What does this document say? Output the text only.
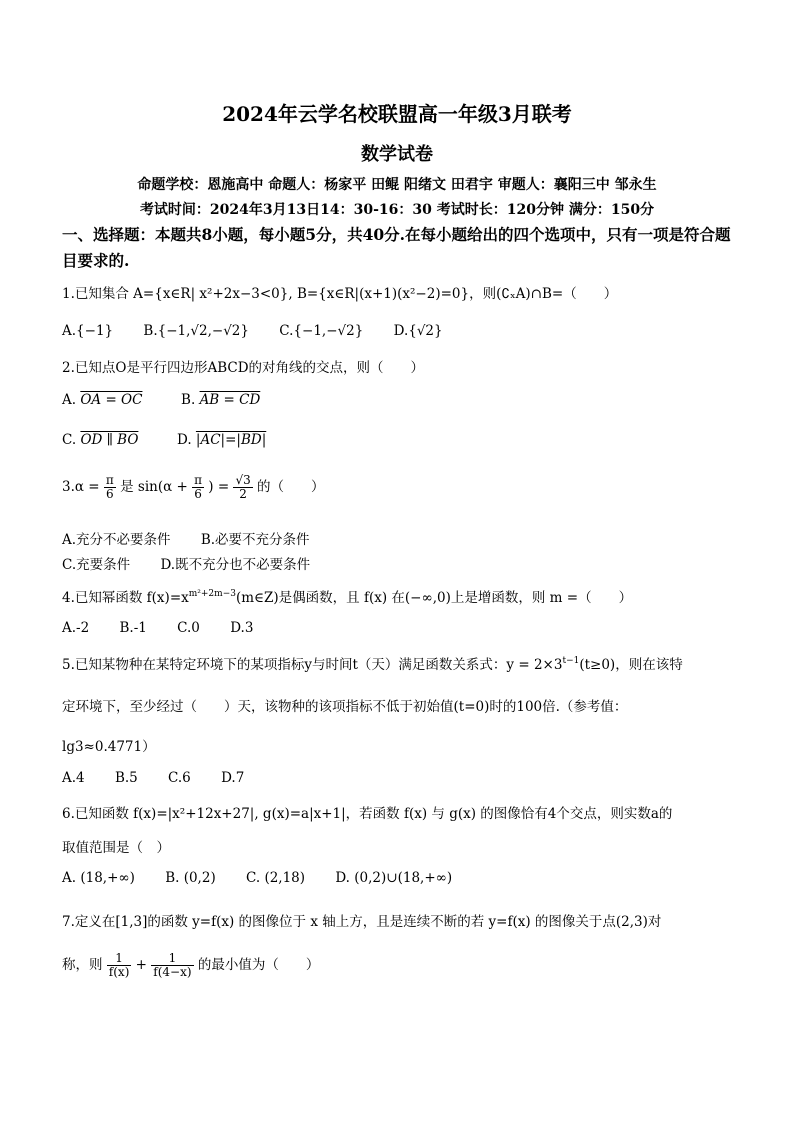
2024年云学名校联盟高一年级3月联考
数学试卷
命题学校：恩施高中 命题人：杨家平 田鲲 阳绪文 田君宇 审题人：襄阳三中 邹永生
考试时间：2024年3月13日14：30-16：30 考试时长：120分钟 满分：150分
一、选择题：本题共8小题，每小题5分，共40分.在每小题给出的四个选项中，只有一项是符合题目要求的.
1.已知集合 A={x∈R| x²+2x−3<0}, B={x∈R|(x+1)(x²−2)=0}，则(∁ₓA)∩B=（　　）
A.{−1} B.{−1,√2,−√2} C.{−1,−√2} D.{√2}
2.已知点O是平行四边形ABCD的对角线的交点，则（　　）
A. OA = OC	B. AB = CD
C. OD ∥ BO	D. |AC|=|BD|
$3.\alpha = \frac{\pi}{6}$ 是 $\sin(\alpha + \frac{\pi}{6}$ ) = $\frac{√3}{2}$ 的（　　）
A.充分不必要条件 B.必要不充分条件
C.充要条件 D.既不充分也不必要条件
4.已知幂函数 $f(x)=x^{m^2+2m-3}(m\in Z)$是偶函数，且 f(x) 在(−∞,0)上是增函数，则 m =（　　）
A.-2 B.-1 C.0 D.3
5.已知某物种在某特定环境下的某项指标y与时间t（天）满足函数关系式：$y = 2\times 3^{t-1}(t\ge 0)$，则在该特
定环境下，至少经过（　　）天，该物种的该项指标不低于初始值(t=0)时的100倍.（参考值：
lg3≈0.4771）
A.4 B.5 C.6 D.7
6.已知函数 f(x)=|x²+12x+27|, g(x)=a|x+1|，若函数 f(x) 与 g(x) 的图像恰有4个交点，则实数a的
取值范围是（　）
A. (18,+∞) B. (0,2) C. (2,18) D. (0,2)∪(18,+∞)
7.定义在[1,3]的函数 y=f(x) 的图像位于 x 轴上方，且是连续不断的若 y=f(x) 的图像关于点(2,3)对
称，则 $\frac{1}{f(x)} + \frac{1}{f(4-x)}$ 的最小值为（　　）
